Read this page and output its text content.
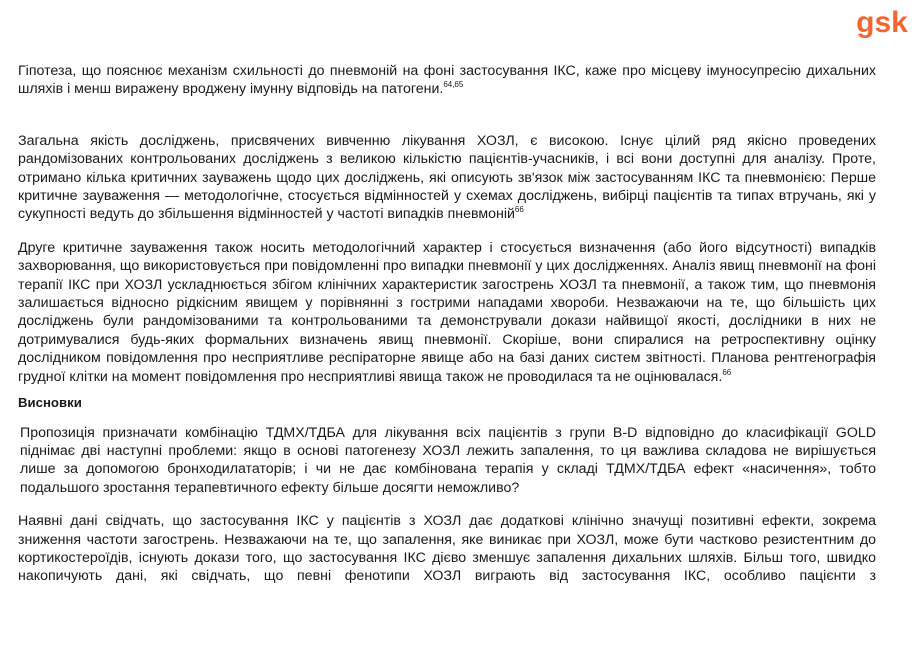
gsk

Гіпотеза, що пояснює механізм схильності до пневмоній на фоні застосування ІКС, каже про місцеву імуносупресію дихальних шляхів і менш виражену вроджену імунну відповідь на патогени.$^{64,65}$

Загальна якість досліджень, присвячених вивченню лікування ХОЗЛ, є високою. Існує цілий ряд якісно проведених рандомізованих контрольованих досліджень з великою кількістю пацієнтів-учасників, і всі вони доступні для аналізу. Проте, отримано кілька критичних зауважень щодо цих досліджень, які описують зв'язок між застосуванням ІКС та пневмонією: Перше критичне зауваження — методологічне, стосується відмінностей у схемах досліджень, вибірці пацієнтів та типах втручань, які у сукупності ведуть до збільшення відмінностей у частоті випадків пневмоній$^{66}$

Друге критичне зауваження також носить методологічний характер і стосується визначення (або його відсутності) випадків захворювання, що використовується при повідомленні про випадки пневмонії у цих дослідженнях. Аналіз явищ пневмонії на фоні терапії ІКС при ХОЗЛ ускладнюється збігом клінічних характеристик загострень ХОЗЛ та пневмонії, а також тим, що пневмонія залишається відносно рідкісним явищем у порівнянні з гострими нападами хвороби. Незважаючи на те, що більшість цих досліджень були рандомізованими та контрольованими та демонстрували докази найвищої якості, дослідники в них не дотримувалися будь-яких формальних визначень явищ пневмонії. Скоріше, вони спиралися на ретроспективну оцінку дослідником повідомлення про несприятливе респіраторне явище або на базі даних систем звітності. Планова рентгенографія грудної клітки на момент повідомлення про несприятливі явища також не проводилася та не оцінювалася.$^{66}$

Висновки

Пропозиція призначати комбінацію ТДМХ/ТДБА для лікування всіх пацієнтів з групи B-D відповідно до класифікації GOLD піднімає дві наступні проблеми: якщо в основі патогенезу ХОЗЛ лежить запалення, то ця важлива складова не вирішується лише за допомогою бронходилататорів; і чи не дає комбінована терапія у складі ТДМХ/ТДБА ефект «насичення», тобто подальшого зростання терапевтичного ефекту більше досягти неможливо?

Наявні дані свідчать, що застосування ІКС у пацієнтів з ХОЗЛ дає додаткові клінічно значущі позитивні ефекти, зокрема зниження частоти загострень. Незважаючи на те, що запалення, яке виникає при ХОЗЛ, може бути частково резистентним до кортикостероїдів, існують докази того, що застосування ІКС дієво зменшує запалення дихальних шляхів. Більш того, швидко накопичують дані, які свідчать, що певні фенотипи ХОЗЛ виграють від застосування ІКС, особливо пацієнти з
